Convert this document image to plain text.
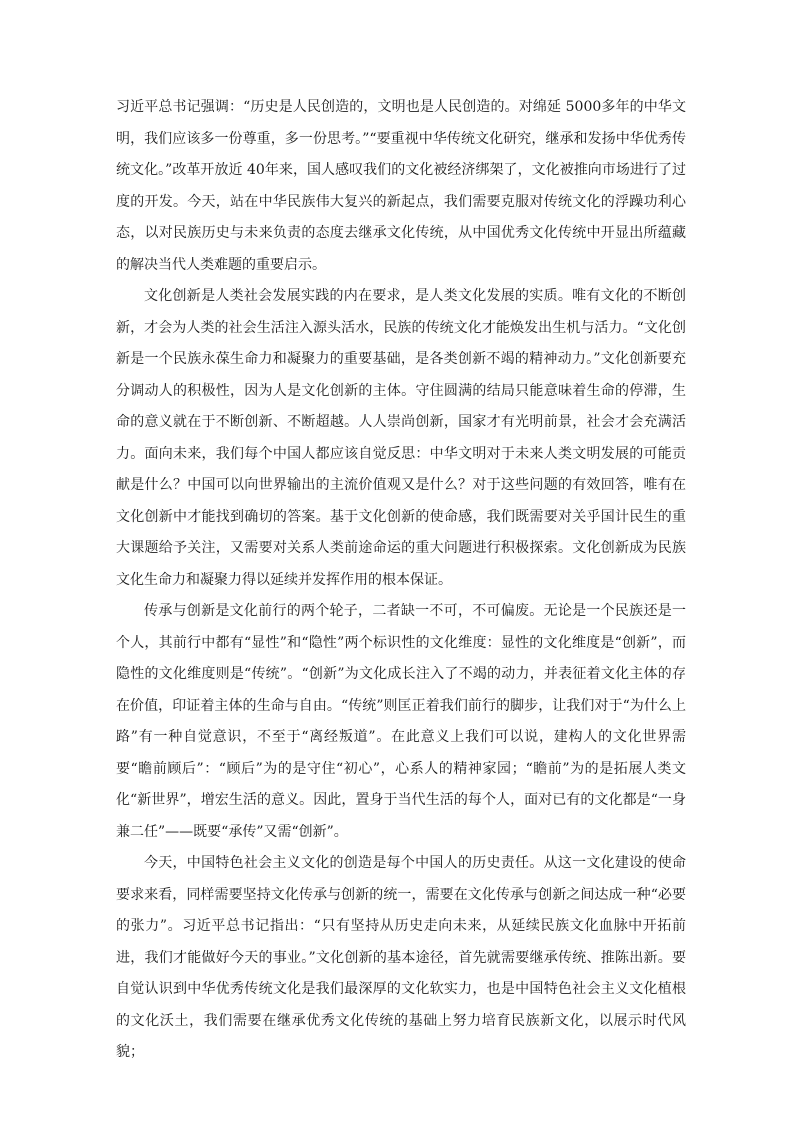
习近平总书记强调：“历史是人民创造的，文明也是人民创造的。对绵延 5000多年的中华文明，我们应该多一份尊重，多一份思考。”“要重视中华传统文化研究，继承和发扬中华优秀传统文化。”改革开放近 40年来，国人感叹我们的文化被经济绑架了，文化被推向市场进行了过度的开发。今天，站在中华民族伟大复兴的新起点，我们需要克服对传统文化的浮躁功利心态，以对民族历史与未来负责的态度去继承文化传统，从中国优秀文化传统中开显出所蕴藏的解决当代人类难题的重要启示。

文化创新是人类社会发展实践的内在要求，是人类文化发展的实质。唯有文化的不断创新，才会为人类的社会生活注入源头活水，民族的传统文化才能焕发出生机与活力。“文化创新是一个民族永葆生命力和凝聚力的重要基础，是各类创新不竭的精神动力。”文化创新要充分调动人的积极性，因为人是文化创新的主体。守住圆满的结局只能意味着生命的停滞，生命的意义就在于不断创新、不断超越。人人崇尚创新，国家才有光明前景，社会才会充满活力。面向未来，我们每个中国人都应该自觉反思：中华文明对于未来人类文明发展的可能贡献是什么？中国可以向世界输出的主流价值观又是什么？对于这些问题的有效回答，唯有在文化创新中才能找到确切的答案。基于文化创新的使命感，我们既需要对关乎国计民生的重大课题给予关注，又需要对关系人类前途命运的重大问题进行积极探索。文化创新成为民族文化生命力和凝聚力得以延续并发挥作用的根本保证。

传承与创新是文化前行的两个轮子，二者缺一不可，不可偏废。无论是一个民族还是一个人，其前行中都有“显性”和“隐性”两个标识性的文化维度：显性的文化维度是“创新”，而隐性的文化维度则是“传统”。“创新”为文化成长注入了不竭的动力，并表征着文化主体的存在价值，印证着主体的生命与自由。“传统”则匡正着我们前行的脚步，让我们对于“为什么上路”有一种自觉意识，不至于“离经叛道”。在此意义上我们可以说，建构人的文化世界需要“瞻前顾后”：“顾后”为的是守住“初心”，心系人的精神家园；“瞻前”为的是拓展人类文化“新世界”，增宏生活的意义。因此，置身于当代生活的每个人，面对已有的文化都是“一身兼二任”——既要“承传”又需“创新”。

今天，中国特色社会主义文化的创造是每个中国人的历史责任。从这一文化建设的使命要求来看，同样需要坚持文化传承与创新的统一，需要在文化传承与创新之间达成一种“必要的张力”。习近平总书记指出：“只有坚持从历史走向未来，从延续民族文化血脉中开拓前进，我们才能做好今天的事业。”文化创新的基本途径，首先就需要继承传统、推陈出新。要自觉认识到中华优秀传统文化是我们最深厚的文化软实力，也是中国特色社会主义文化植根的文化沃土，我们需要在继承优秀文化传统的基础上努力培育民族新文化，以展示时代风貌；
